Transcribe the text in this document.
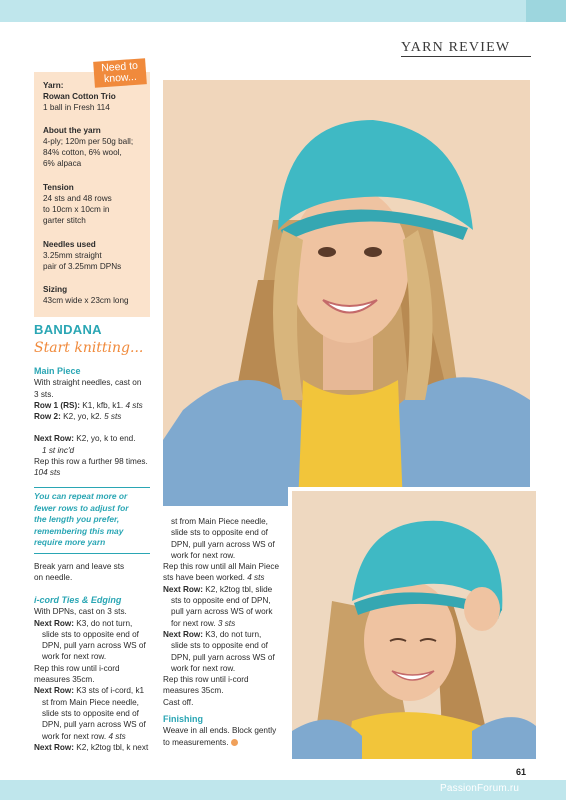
YARN REVIEW
Need to know...
Yarn:
Rowan Cotton Trio
1 ball in Fresh 114
About the yarn
4-ply; 120m per 50g ball;
84% cotton, 6% wool,
6% alpaca
Tension
24 sts and 48 rows
to 10cm x 10cm in
garter stitch
Needles used
3.25mm straight
pair of 3.25mm DPNs
Sizing
43cm wide x 23cm long
BANDANA
Start knitting...
Main Piece
With straight needles, cast on
3 sts.
Row 1 (RS): K1, kfb, k1. 4 sts
Row 2: K2, yo, k2. 5 sts
Next Row: K2, yo, k to end.
1 st inc'd
Rep this row a further 98 times.
104 sts
You can repeat more or
fewer rows to adjust for
the length you prefer,
remembering this may
require more yarn
Break yarn and leave sts
on needle.
i-cord Ties & Edging
With DPNs, cast on 3 sts.
Next Row: K3, do not turn,
slide sts to opposite end of
DPN, pull yarn across WS of
work for next row.
Rep this row until i-cord
measures 35cm.
Next Row: K3 sts of i-cord, k1
st from Main Piece needle,
slide sts to opposite end of
DPN, pull yarn across WS of
work for next row. 4 sts
Next Row: K2, k2tog tbl, k next
st from Main Piece needle,
slide sts to opposite end of
DPN, pull yarn across WS of
work for next row.
Rep this row until all Main Piece
sts have been worked. 4 sts
Next Row: K2, k2tog tbl, slide
sts to opposite end of DPN,
pull yarn across WS of work
for next row. 3 sts
Next Row: K3, do not turn,
slide sts to opposite end of
DPN, pull yarn across WS of
work for next row.
Rep this row until i-cord
measures 35cm.
Cast off.
Finishing
Weave in all ends. Block gently
to measurements.
61
PassionForum.ru
